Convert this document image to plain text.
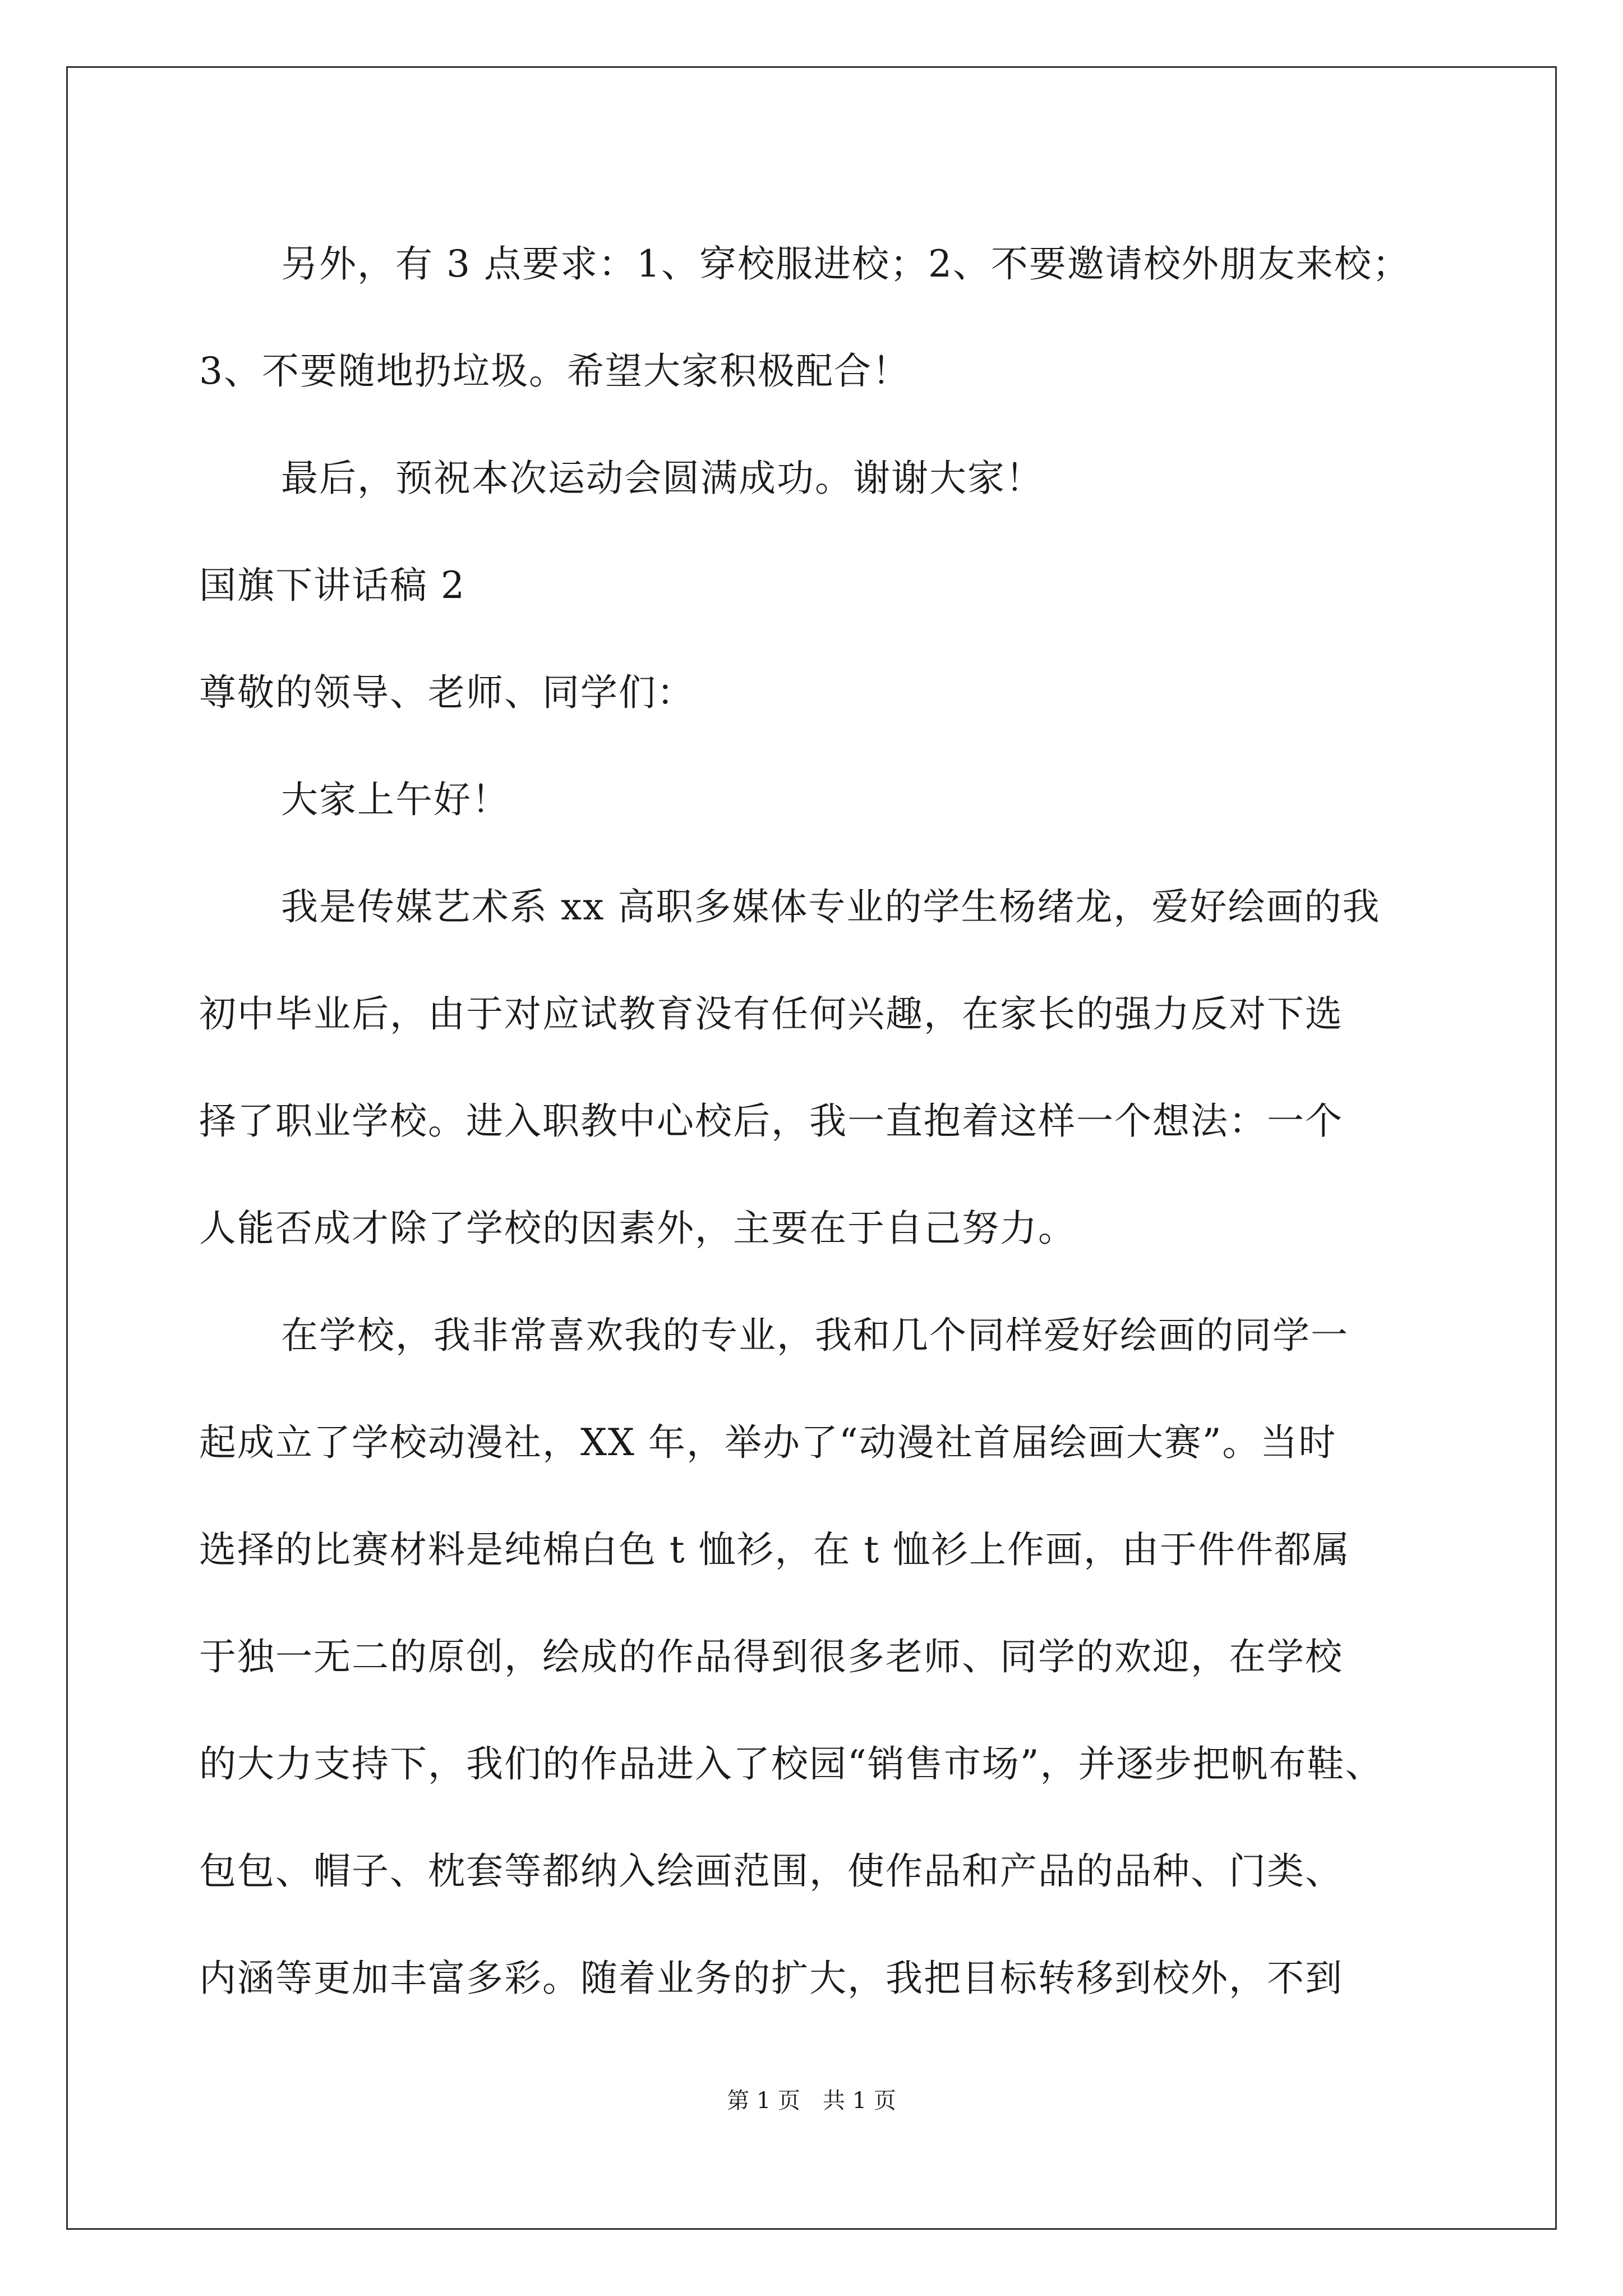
另外，有 3 点要求：1、穿校服进校；2、不要邀请校外朋友来校；
3、不要随地扔垃圾。希望大家积极配合！
最后，预祝本次运动会圆满成功。谢谢大家！
国旗下讲话稿 2
尊敬的领导、老师、同学们：
大家上午好！
我是传媒艺术系 xx 高职多媒体专业的学生杨绪龙，爱好绘画的我
初中毕业后，由于对应试教育没有任何兴趣，在家长的强力反对下选
择了职业学校。进入职教中心校后，我一直抱着这样一个想法：一个
人能否成才除了学校的因素外，主要在于自己努力。
在学校，我非常喜欢我的专业，我和几个同样爱好绘画的同学一
起成立了学校动漫社，XX 年，举办了“动漫社首届绘画大赛”。当时
选择的比赛材料是纯棉白色 t 恤衫，在 t 恤衫上作画，由于件件都属
于独一无二的原创，绘成的作品得到很多老师、同学的欢迎，在学校
的大力支持下，我们的作品进入了校园“销售市场”，并逐步把帆布鞋、
包包、帽子、枕套等都纳入绘画范围，使作品和产品的品种、门类、
内涵等更加丰富多彩。随着业务的扩大，我把目标转移到校外，不到
第 1 页　共 1 页
